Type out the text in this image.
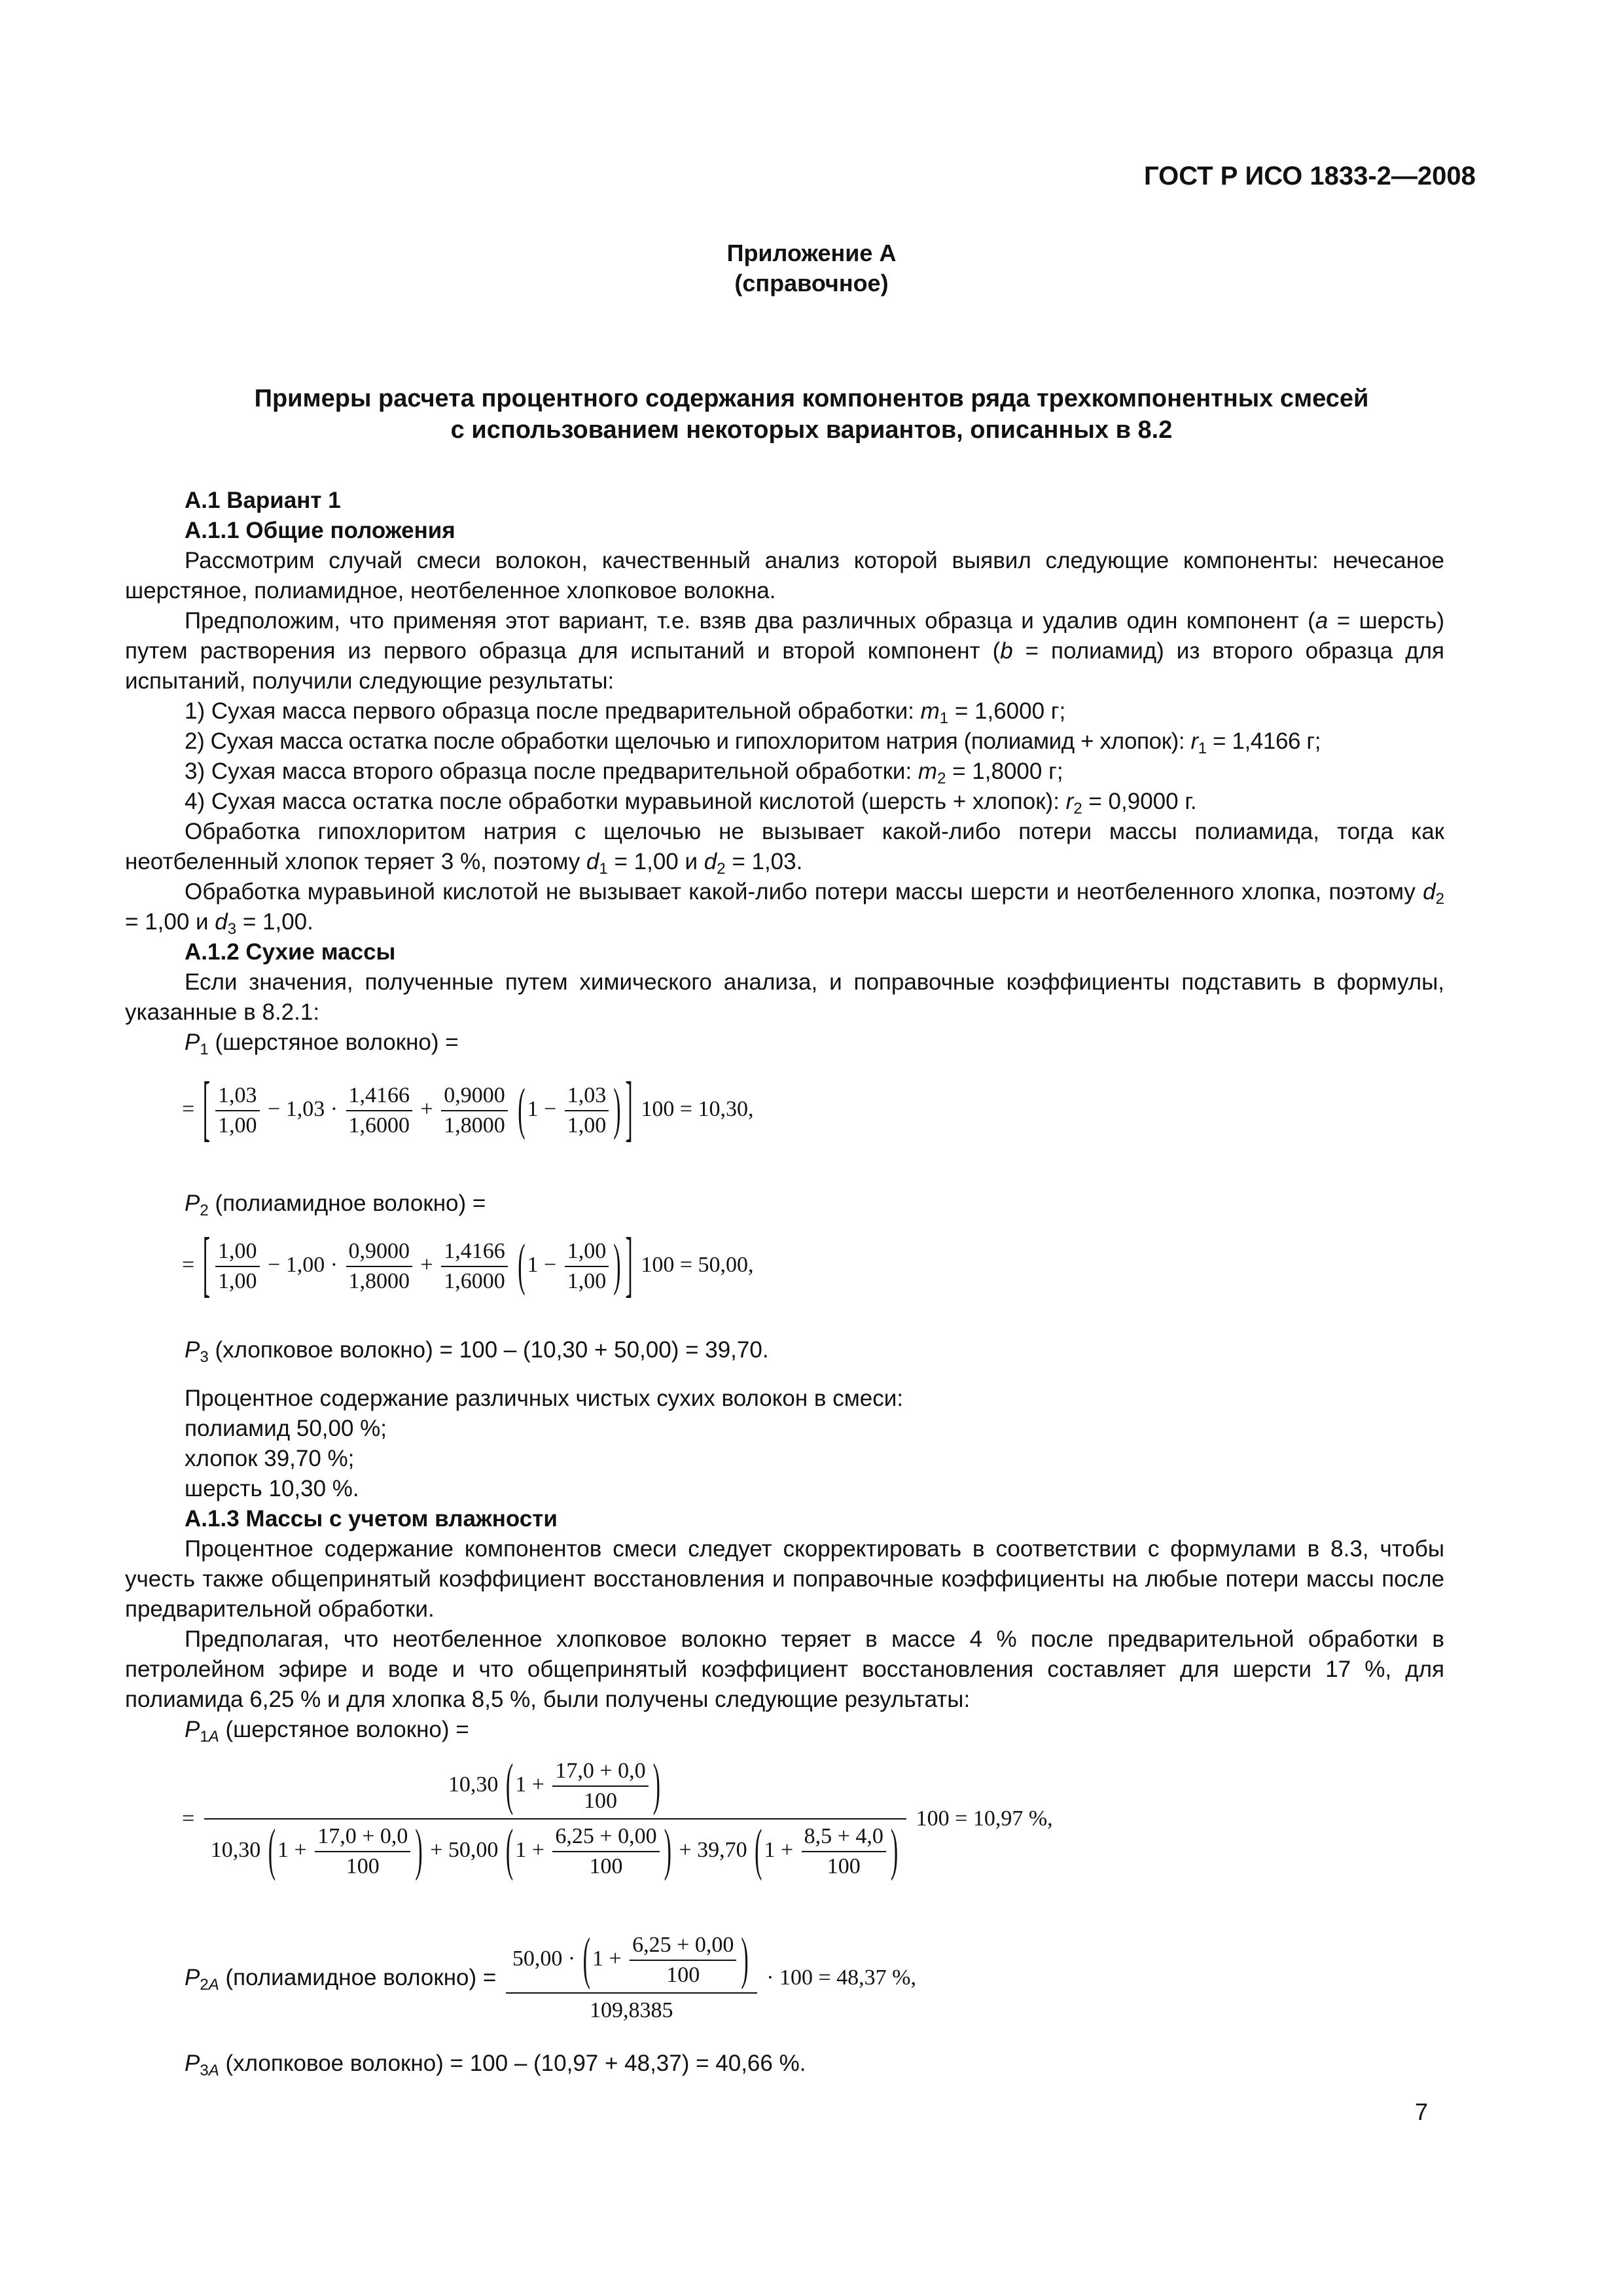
ГОСТ Р ИСО 1833-2—2008
Приложение А
(справочное)
Примеры расчета процентного содержания компонентов ряда трехкомпонентных смесей
с использованием некоторых вариантов, описанных в 8.2

А.1 Вариант 1

А.1.1 Общие положения

Рассмотрим случай смеси волокон, качественный анализ которой выявил следующие компоненты: нечесаное шерстяное, полиамидное, неотбеленное хлопковое волокна.

Предположим, что применяя этот вариант, т.е. взяв два различных образца и удалив один компонент (a = шерсть) путем растворения из первого образца для испытаний и второй компонент (b = полиамид) из второго образца для испытаний, получили следующие результаты:

1) Сухая масса первого образца после предварительной обработки: $m_1 = 1,6000$ г;

2) Сухая масса остатка после обработки щелочью и гипохлоритом натрия (полиамид + хлопок): $r_1 = 1,4166$ г;

3) Сухая масса второго образца после предварительной обработки: $m_2 = 1,8000$ г;

4) Сухая масса остатка после обработки муравьиной кислотой (шерсть + хлопок): $r_2 = 0,9000$ г.

Обработка гипохлоритом натрия с щелочью не вызывает какой-либо потери массы полиамида, тогда как неотбеленный хлопок теряет 3 %, поэтому $d_1 = 1,00$ и $d_2 = 1,03$.

Обработка муравьиной кислотой не вызывает какой-либо потери массы шерсти и неотбеленного хлопка, поэтому $d_2 = 1,00$ и $d_3 = 1,00$.

А.1.2 Сухие массы

Если значения, полученные путем химического анализа, и поправочные коэффициенты подставить в формулы, указанные в 8.2.1:

$P_1$ (шерстяное волокно) =

= [ $\frac{1,03}{1,00} - 1,03 \cdot \frac{1,4166}{1,6000} + \frac{0,9000}{1,8000} (1 - \frac{1,03}{1,00}$ ) ] 100 = 10,30,

$P_2$ (полиамидное волокно) =

= [ $\frac{1,00}{1,00} - 1,00 \cdot \frac{0,9000}{1,8000} + \frac{1,4166}{1,6000} (1 - \frac{1,00}{1,00}$ ) ] 100 = 50,00,

$P_3$ (хлопковое волокно) = 100 – (10,30 + 50,00) = 39,70.

Процентное содержание различных чистых сухих волокон в смеси:

полиамид 50,00 %;

хлопок 39,70 %;

шерсть 10,30 %.

А.1.3 Массы с учетом влажности

Процентное содержание компонентов смеси следует скорректировать в соответствии с формулами в 8.3, чтобы учесть также общепринятый коэффициент восстановления и поправочные коэффициенты на любые потери массы после предварительной обработки.

Предполагая, что неотбеленное хлопковое волокно теряет в массе 4 % после предварительной обработки в петролейном эфире и воде и что общепринятый коэффициент восстановления составляет для шерсти 17 %, для полиамида 6,25 % и для хлопка 8,5 %, были получены следующие результаты:

$P_{1A}$ (шерстяное волокно) =

=
10,30 ($1 + \frac{17,0 + 0,0}{100}$ )
10,30 ($1 + \frac{17,0 + 0,0}{100}$ ) + 50,00 ($1 + \frac{6,25 + 0,00}{100}$ ) + 39,70 ($1 + \frac{8,5 + 4,0}{100}$ )
100 = 10,97 %,
$P_{2A}$ (полиамидное волокно) = $\frac{50,00 \cdot (1 + \frac{6,25 + 0,00}{100} )}{109,8385} \cdot 100 = 48,37$ %,

$P_{3A}$ (хлопковое волокно) = 100 – (10,97 + 48,37) = 40,66 %.

7
